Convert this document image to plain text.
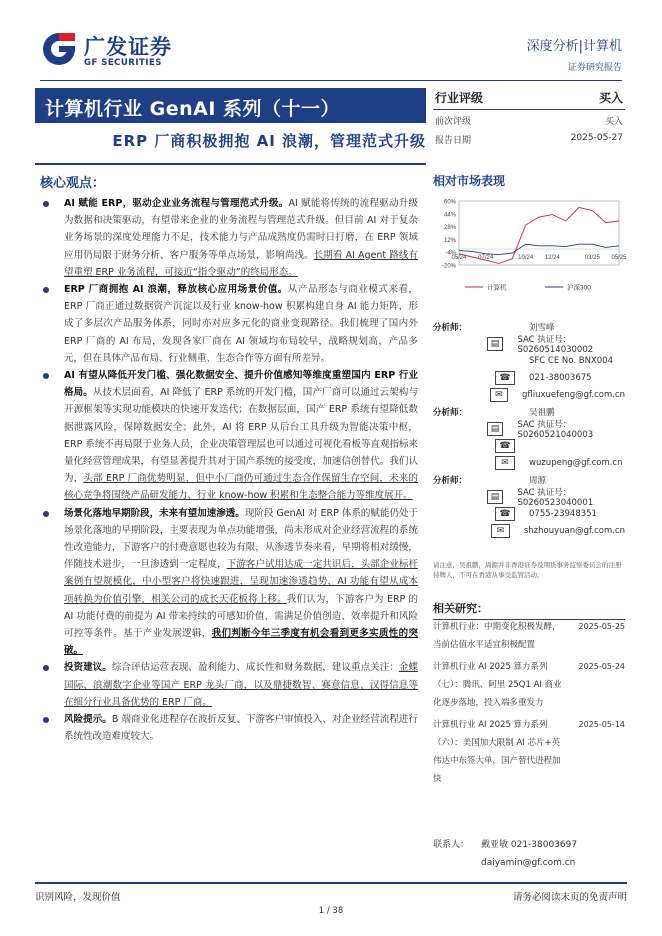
广发证券
GF SECURITIES
深度分析|计算机
证券研究报告
计算机行业 GenAI 系列（十一）
ERP 厂商积极拥抱 AI 浪潮，管理范式升级
行业评级	买入
前次评级	买入
报告日期	2025-05-27
核心观点：

AI 赋能 ERP，驱动企业业务流程与管理范式升级。AI 赋能将传统的流程驱动升级为数据和决策驱动，有望带来企业的业务流程与管理范式升级。但目前 AI 对于复杂业务场景的深度处理能力不足，技术能力与产品成熟度仍需时日打磨，在 ERP 领域应用仍局限于财务分析、客户服务等单点场景，影响尚浅。长期看 AI Agent 路线有望重塑 ERP 业务流程，可接近“指令驱动”的终局形态。

ERP 厂商拥抱 AI 浪潮，释放核心应用场景价值。从产品形态与商业模式来看，ERP 厂商正通过数据资产沉淀以及行业 know-how 积累构建自身 AI 能力矩阵，形成了多层次产品服务体系，同时亦对应多元化的商业变现路径。我们梳理了国内外 ERP 厂商的 AI 布局，发现各家厂商在 AI 领域均布局较早，战略规划高，产品多元，但在具体产品布局、行业侧重、生态合作等方面有所差异。

AI 有望从降低开发门槛、强化数据安全、提升价值感知等维度重塑国内 ERP 行业格局。从技术层面看，AI 降低了 ERP 系统的开发门槛，国产厂商可以通过云架构与开源框架等实现功能模块的快速开发迭代；在数据层面，国产 ERP 系统有望降低数据泄露风险，保障数据安全；此外，AI 将 ERP 从后台工具升级为智能决策中枢，ERP 系统不再局限于业务人员，企业决策管理层也可以通过可视化看板等直观指标来量化经营管理成果，有望显著提升其对于国产系统的接受度，加速信创替代。我们认为，头部 ERP 厂商优势明显，但中小厂商仍可通过生态合作保留生存空间，未来的核心竞争将围绕产品研发能力、行业 know-how 积累和生态整合能力等维度展开。

场景化落地早期阶段，未来有望加速渗透。现阶段 GenAI 对 ERP 体系的赋能仍处于场景化落地的早期阶段，主要表现为单点功能增强，尚未形成对企业经营流程的系统性改造能力，下游客户的付费意愿也较为有限，从渗透节奏来看，早期将相对缓慢，伴随技术进步，一旦渗透到一定程度，下游客户试用达成一定共识后，头部企业标杆案例有望规模化，中小型客户将快速跟进，呈现加速渗透趋势，AI 功能有望从成本项转换为价值引擎，相关公司的成长天花板将上移。我们认为，下游客户为 ERP 的 AI 功能付费的前提为 AI 带来持续的可感知价值，需满足价值创造、效率提升和风险可控等条件。基于产业发展逻辑，我们判断今年三季度有机会看到更多实质性的突破。

投资建议。综合评估运营表现、盈利能力、成长性和财务数据，建议重点关注：金蝶国际、浪潮数字企业等国产 ERP 龙头厂商，以及鼎捷数智、赛意信息、汉得信息等在细分行业具备优势的 ERP 厂商。

风险提示。B 端商业化进程存在波折反复、下游客户审慎投入、对企业经营流程进行系统性改造难度较大。

相对市场表现
60%
44%
28%
12%
-4%
-20%
05/24 07/24	10/24 12/24	03/25 05/25
计算机	沪深300
分析师：	刘雪峰
▤	SAC 执证号：S0260514030002
SFC CE No. BNX004
☎	021-38003675
✉	gfliuxuefeng@gf.com.cn
分析师：	吴祖鹏
▤	SAC 执证号：S0260521040003
☎
✉	wuzupeng@gf.com.cn
分析师：	周源
▤	SAC 执证号：S0260523040001
☎	0755-23948351
✉	shzhouyuan@gf.com.cn
请注意，吴祖鹏，周源并非香港证券及期货事务监察委员会的注册持牌人，不可在香港从事受监管活动。
相关研究：
计算机行业：中期变化积极发酵，当前估值水平适宜积极配置
2025-05-25
计算机行业 AI 2025 算力系列（七）：腾讯、阿里 25Q1 AI 商业化逐步落地，投入端多重发力
2025-05-24
计算机行业 AI 2025 算力系列（六）：美国加大限制 AI 芯片+英伟达中东签大单，国产替代进程加快
2025-05-14
联系人：	戴亚敏 021-38003697
daiyamin@gf.com.cn
识别风险，发现价值	请务必阅读末页的免责声明
1 / 38
